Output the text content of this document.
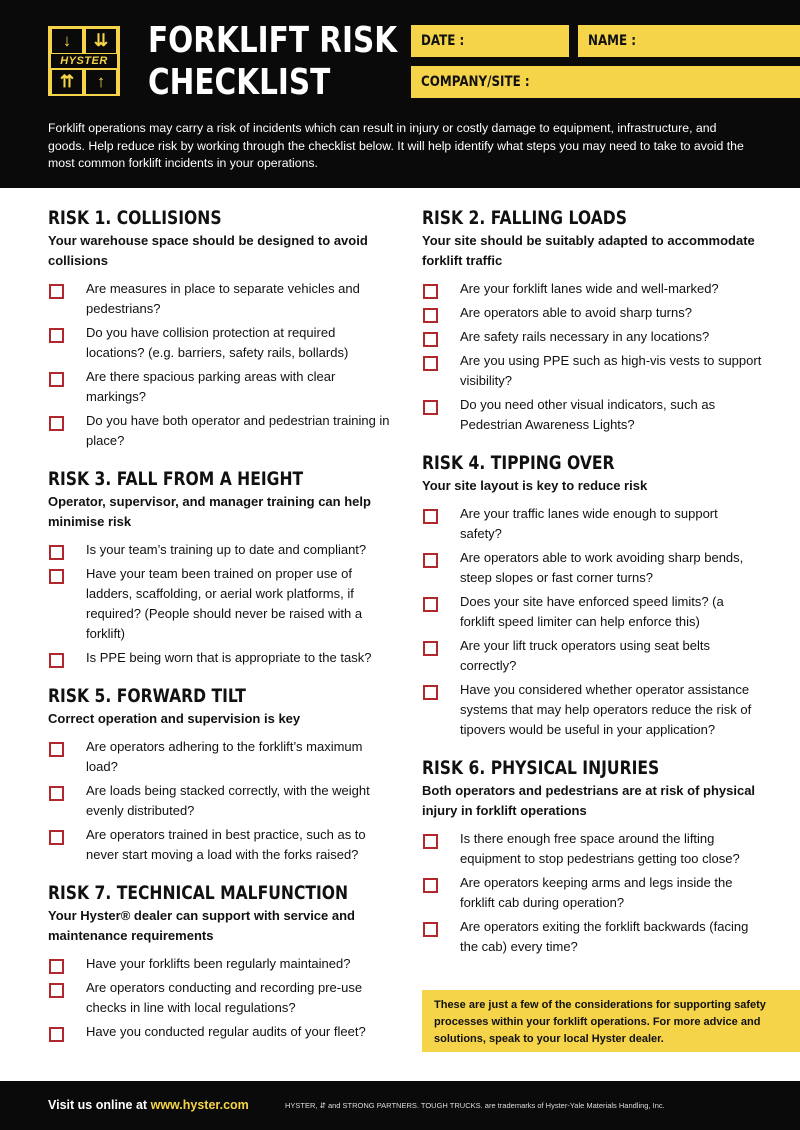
↓	⇊
HYSTER
⇈	↑
FORKLIFT RISK
CHECKLIST
DATE :	NAME :
COMPANY/SITE :
Forklift operations may carry a risk of incidents which can result in injury or costly damage to equipment, infrastructure, and goods. Help reduce risk by working through the checklist below. It will help identify what steps you may need to take to avoid the most common forklift incidents in your operations.
RISK 1. COLLISIONS
Your warehouse space should be designed to avoid collisions
Are measures in place to separate vehicles and pedestrians?
Do you have collision protection at required locations? (e.g. barriers, safety rails, bollards)
Are there spacious parking areas with clear markings?
Do you have both operator and pedestrian training in place?
RISK 3. FALL FROM A HEIGHT
Operator, supervisor, and manager training can help minimise risk
Is your team’s training up to date and compliant?
Have your team been trained on proper use of ladders, scaffolding, or aerial work platforms, if required? (People should never be raised with a forklift)
Is PPE being worn that is appropriate to the task?
RISK 5. FORWARD TILT
Correct operation and supervision is key
Are operators adhering to the forklift’s maximum load?
Are loads being stacked correctly, with the weight evenly distributed?
Are operators trained in best practice, such as to never start moving a load with the forks raised?
RISK 7. TECHNICAL MALFUNCTION
Your Hyster® dealer can support with service and maintenance requirements
Have your forklifts been regularly maintained?
Are operators conducting and recording pre-use checks in line with local regulations?
Have you conducted regular audits of your fleet?
RISK 2. FALLING LOADS
Your site should be suitably adapted to accommodate forklift traffic
Are your forklift lanes wide and well-marked?
Are operators able to avoid sharp turns?
Are safety rails necessary in any locations?
Are you using PPE such as high-vis vests to support visibility?
Do you need other visual indicators, such as Pedestrian Awareness Lights?
RISK 4. TIPPING OVER
Your site layout is key to reduce risk
Are your traffic lanes wide enough to support safety?
Are operators able to work avoiding sharp bends, steep slopes or fast corner turns?
Does your site have enforced speed limits? (a forklift speed limiter can help enforce this)
Are your lift truck operators using seat belts correctly?
Have you considered whether operator assistance systems that may help operators reduce the risk of tipovers would be useful in your application?
RISK 6. PHYSICAL INJURIES
Both operators and pedestrians are at risk of physical injury in forklift operations
Is there enough free space around the lifting equipment to stop pedestrians getting too close?
Are operators keeping arms and legs inside the forklift cab during operation?
Are operators exiting the forklift backwards (facing the cab) every time?
These are just a few of the considerations for supporting safety processes within your forklift operations. For more advice and solutions, speak to your local Hyster dealer.
Visit us online at www.hyster.com	HYSTER, ⇵ and STRONG PARTNERS. TOUGH TRUCKS. are trademarks of Hyster-Yale Materials Handling, Inc.
